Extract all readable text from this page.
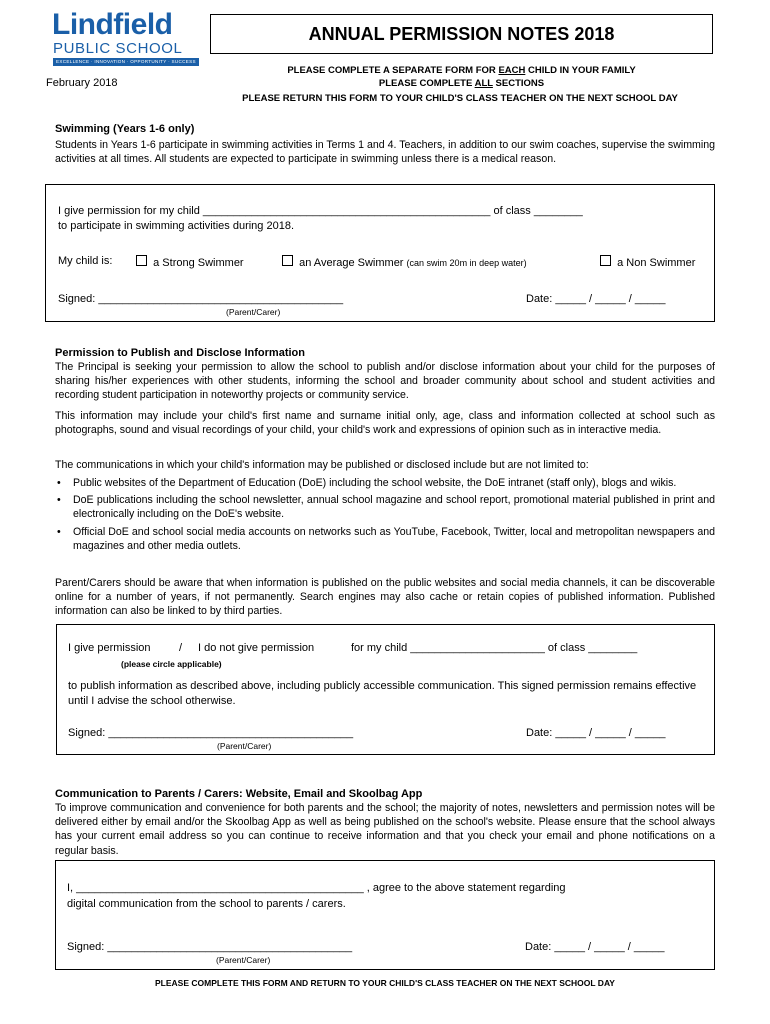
Lindfield
PUBLIC SCHOOL
EXCELLENCE · INNOVATION · OPPORTUNITY · SUCCESS
February 2018
ANNUAL PERMISSION NOTES 2018
PLEASE COMPLETE A SEPARATE FORM FOR EACH CHILD IN YOUR FAMILY
PLEASE COMPLETE ALL SECTIONS
PLEASE RETURN THIS FORM TO YOUR CHILD'S CLASS TEACHER ON THE NEXT SCHOOL DAY
Swimming (Years 1-6 only)
Students in Years 1-6 participate in swimming activities in Terms 1 and 4. Teachers, in addition to our swim coaches, supervise the swimming activities at all times. All students are expected to participate in swimming unless there is a medical reason.
I give permission for my child _______________________________________________ of class ________
to participate in swimming activities during 2018.
My child is:	a Strong Swimmer	an Average Swimmer (can swim 20m in deep water)	a Non Swimmer
Signed: ________________________________________
(Parent/Carer)
Date: _____ / _____ / _____
Permission to Publish and Disclose Information
The Principal is seeking your permission to allow the school to publish and/or disclose information about your child for the purposes of sharing his/her experiences with other students, informing the school and broader community about school and student activities and recording student participation in noteworthy projects or community service.
This information may include your child's first name and surname initial only, age, class and information collected at school such as photographs, sound and visual recordings of your child, your child's work and expressions of opinion such as in interactive media.
The communications in which your child's information may be published or disclosed include but are not limited to:
• Public websites of the Department of Education (DoE) including the school website, the DoE intranet (staff only), blogs and wikis.
• DoE publications including the school newsletter, annual school magazine and school report, promotional material published in print and electronically including on the DoE's website.
• Official DoE and school social media accounts on networks such as YouTube, Facebook, Twitter, local and metropolitan newspapers and magazines and other media outlets.
Parent/Carers should be aware that when information is published on the public websites and social media channels, it can be discoverable online for a number of years, if not permanently. Search engines may also cache or retain copies of published information. Published information can also be linked to by third parties.
I give permission	/ I do not give permission	for my child ______________________ of class ________
(please circle applicable)
to publish information as described above, including publicly accessible communication. This signed permission remains effective until I advise the school otherwise.
Signed: ________________________________________
(Parent/Carer)
Date: _____ / _____ / _____
Communication to Parents / Carers: Website, Email and Skoolbag App
To improve communication and convenience for both parents and the school; the majority of notes, newsletters and permission notes will be delivered either by email and/or the Skoolbag App as well as being published on the school's website. Please ensure that the school always has your current email address so you can continue to receive information and that you check your email and phone notifications on a regular basis.
I, _______________________________________________ , agree to the above statement regarding
digital communication from the school to parents / carers.
Signed: ________________________________________
(Parent/Carer)
Date: _____ / _____ / _____
PLEASE COMPLETE THIS FORM AND RETURN TO YOUR CHILD'S CLASS TEACHER ON THE NEXT SCHOOL DAY
